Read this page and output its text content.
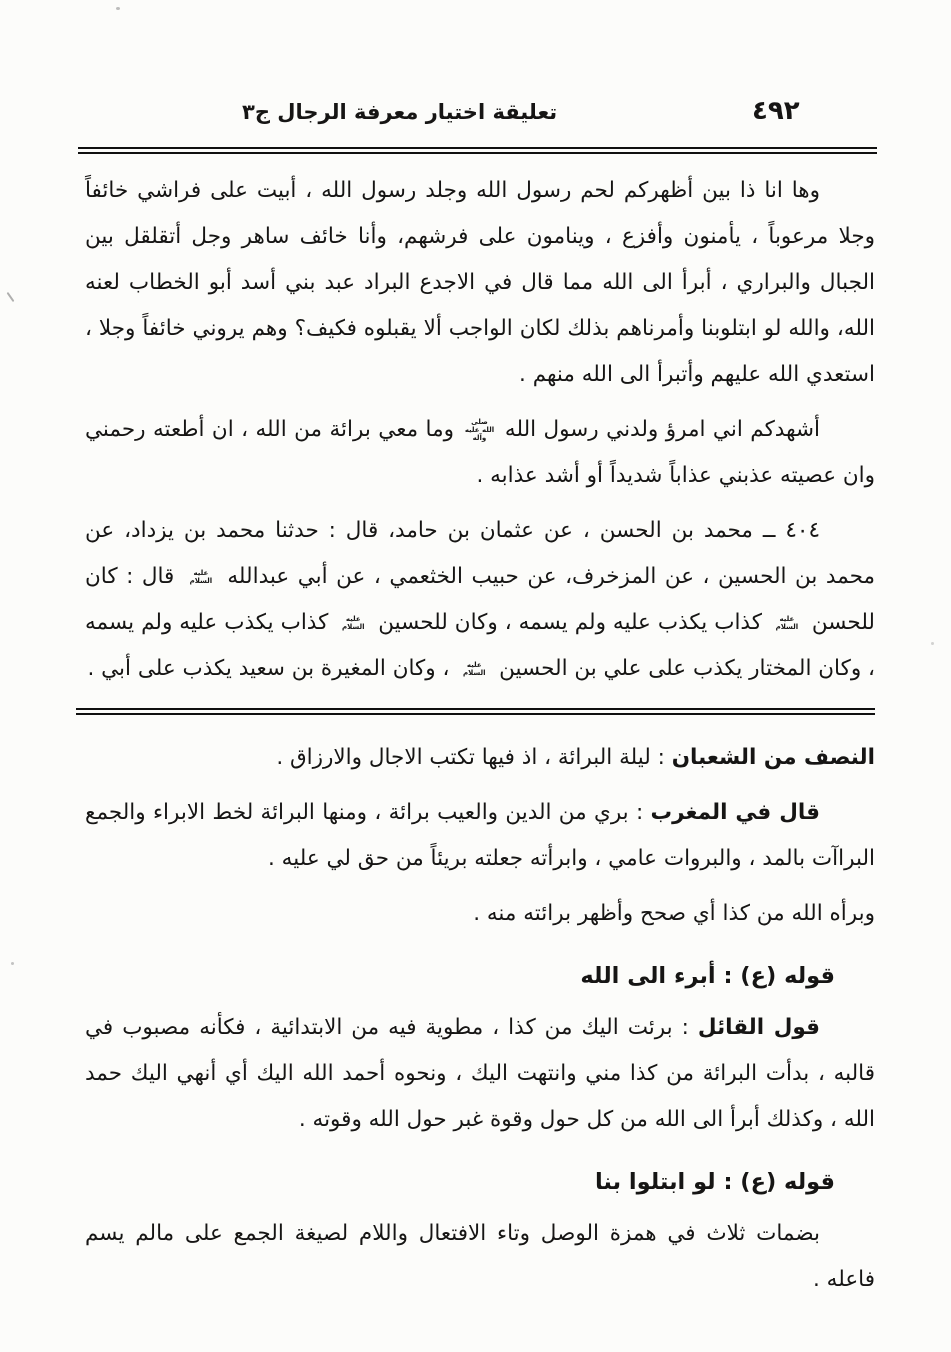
٤٩٢
تعليقة اختيار معرفة الرجال ج٣

وها انا ذا بين أظهركم لحم رسول الله وجلد رسول الله ، أبيت على فراشي خائفاً وجلا مرعوباً ، يأمنون وأفزع ، وينامون على فرشهم، وأنا خائف ساهر وجل أتقلقل بين الجبال والبراري ، أبرأ الى الله مما قال في الاجدع البراد عبد بني أسد أبو الخطاب لعنه الله، والله لو ابتلوبنا وأمرناهم بذلك لكان الواجب ألا يقبلوه فكيف؟ وهم يروني خائفاً وجلا ، استعدي الله عليهم وأتبرأ الى الله منهم .

أشهدكم اني امرؤ ولدني رسول الله صلى الله عليه وآله وما معي برائة من الله ، ان أطعته رحمني وان عصيته عذبني عذاباً شديداً أو أشد عذابه .

٤٠٤ ــ محمد بن الحسن ، عن عثمان بن حامد، قال : حدثنا محمد بن يزداد، عن محمد بن الحسين ، عن المزخرف، عن حبيب الخثعمي ، عن أبي عبدالله عليه السلام قال : كان للحسن عليه السلام كذاب يكذب عليه ولم يسمه ، وكان للحسين عليه السلام كذاب يكذب عليه ولم يسمه ، وكان المختار يكذب على علي بن الحسين عليه السلام ، وكان المغيرة بن سعيد يكذب على أبي .

النصف من الشعبان : ليلة البرائة ، اذ فيها تكتب الاجال والارزاق .

قال في المغرب : بري من الدين والعيب برائة ، ومنها البرائة لخط الابراء والجمع البراآت بالمد ، والبروات عامي ، وابرأته جعلته بريئاً من حق لي عليه .

وبرأه الله من كذا أي صحح وأظهر برائته منه .

قوله (ع) : أبرء الى الله

قول القائل : برئت اليك من كذا ، مطوية فيه من الابتدائية ، فكأنه مصبوب في قالبه ، بدأت البرائة من كذا مني وانتهت اليك ، ونحوه أحمد الله اليك أي أنهي اليك حمد الله ، وكذلك أبرأ الى الله من كل حول وقوة غبر حول الله وقوته .

قوله (ع) : لو ابتلوا بنا

بضمات ثلاث في همزة الوصل وتاء الافتعال واللام لصيغة الجمع على مالم يسم فاعله .
